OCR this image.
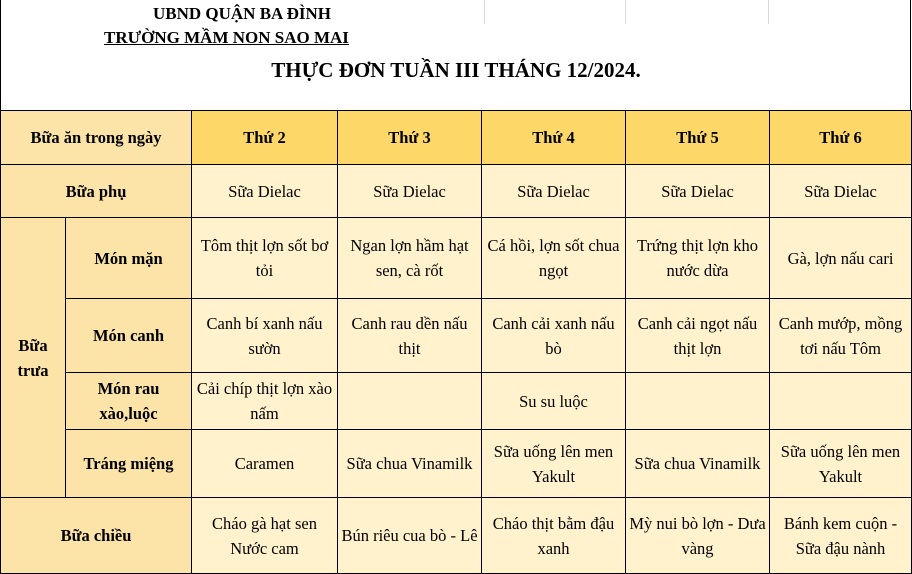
UBND QUẬN BA ĐÌNH
TRƯỜNG MẦM NON SAO MAI
THỰC ĐƠN TUẦN III THÁNG 12/2024.
Bữa ăn trong ngày		Thứ 2	Thứ 3	Thứ 4	Thứ 5	Thứ 6
Bữa phụ		Sữa Dielac	Sữa Dielac	Sữa Dielac	Sữa Dielac	Sữa Dielac
Bữa trưa	Món mặn	Tôm thịt lợn sốt bơ tỏi	Ngan lợn hầm hạt sen, cà rốt	Cá hồi, lợn sốt chua ngọt	Trứng thịt lợn kho nước dừa	Gà, lợn nấu cari
	Món canh	Canh bí xanh nấu sườn	Canh rau dền nấu thịt	Canh cải xanh nấu bò	Canh cải ngọt nấu thịt lợn	Canh mướp, mồng tơi nấu Tôm
	Món rau xào,luộc	Cải chíp thịt lợn xào nấm		Su su luộc		
	Tráng miệng	Caramen	Sữa chua Vinamilk	Sữa uống lên men Yakult	Sữa chua Vinamilk	Sữa uống lên men Yakult
Bữa chiều		Cháo gà hạt sen Nước cam	Bún riêu cua bò - Lê	Cháo thịt bằm đậu xanh	Mỳ nui bò lợn - Dưa vàng	Bánh kem cuộn - Sữa đậu nành
